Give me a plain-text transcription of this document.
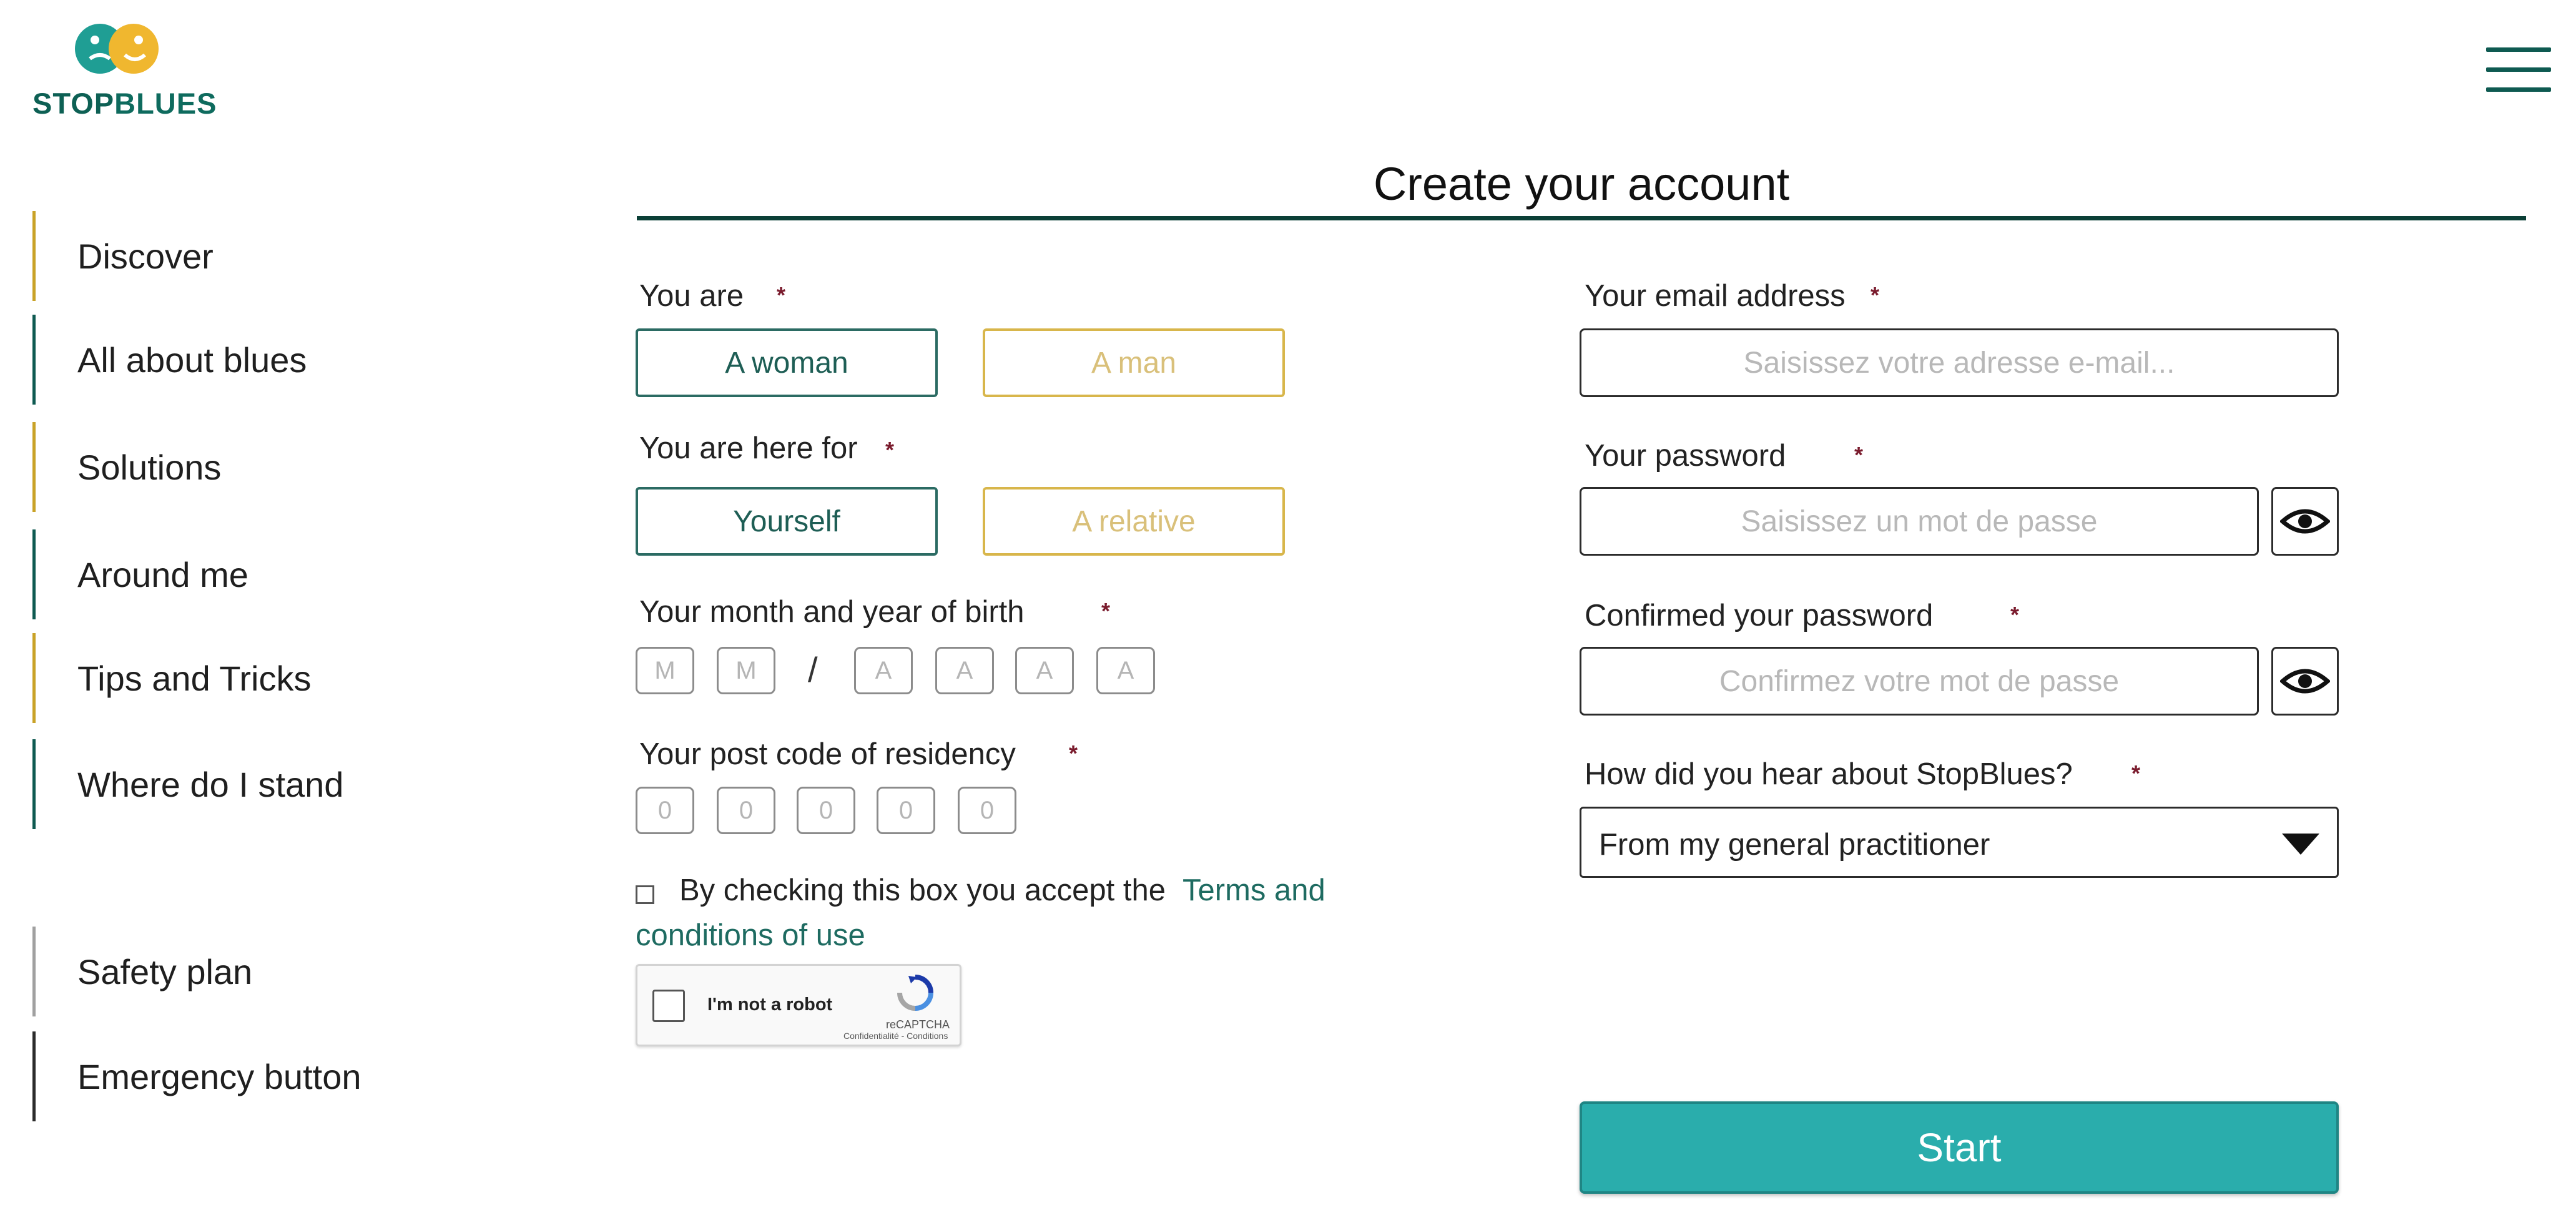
STOPBLUES
Discover
All about blues
Solutions
Around me
Tips and Tricks
Where do I stand
Safety plan
Emergency button
Create your account
You are *
A woman	A man
You are here for *
Yourself	A relative
Your month and year of birth	*
M	M	/	A	A	A	A
Your post code of residency *
0	0	0	0	0
By checking this box you accept the Terms and
conditions of use
I'm not a robot
reCAPTCHA
Confidentialité - Conditions
Your email address *
Saisissez votre adresse e-mail...
Your password	*
Saisissez un mot de passe
Confirmed your password	*
Confirmez votre mot de passe
How did you hear about StopBlues?	*
From my general practitioner
Start
